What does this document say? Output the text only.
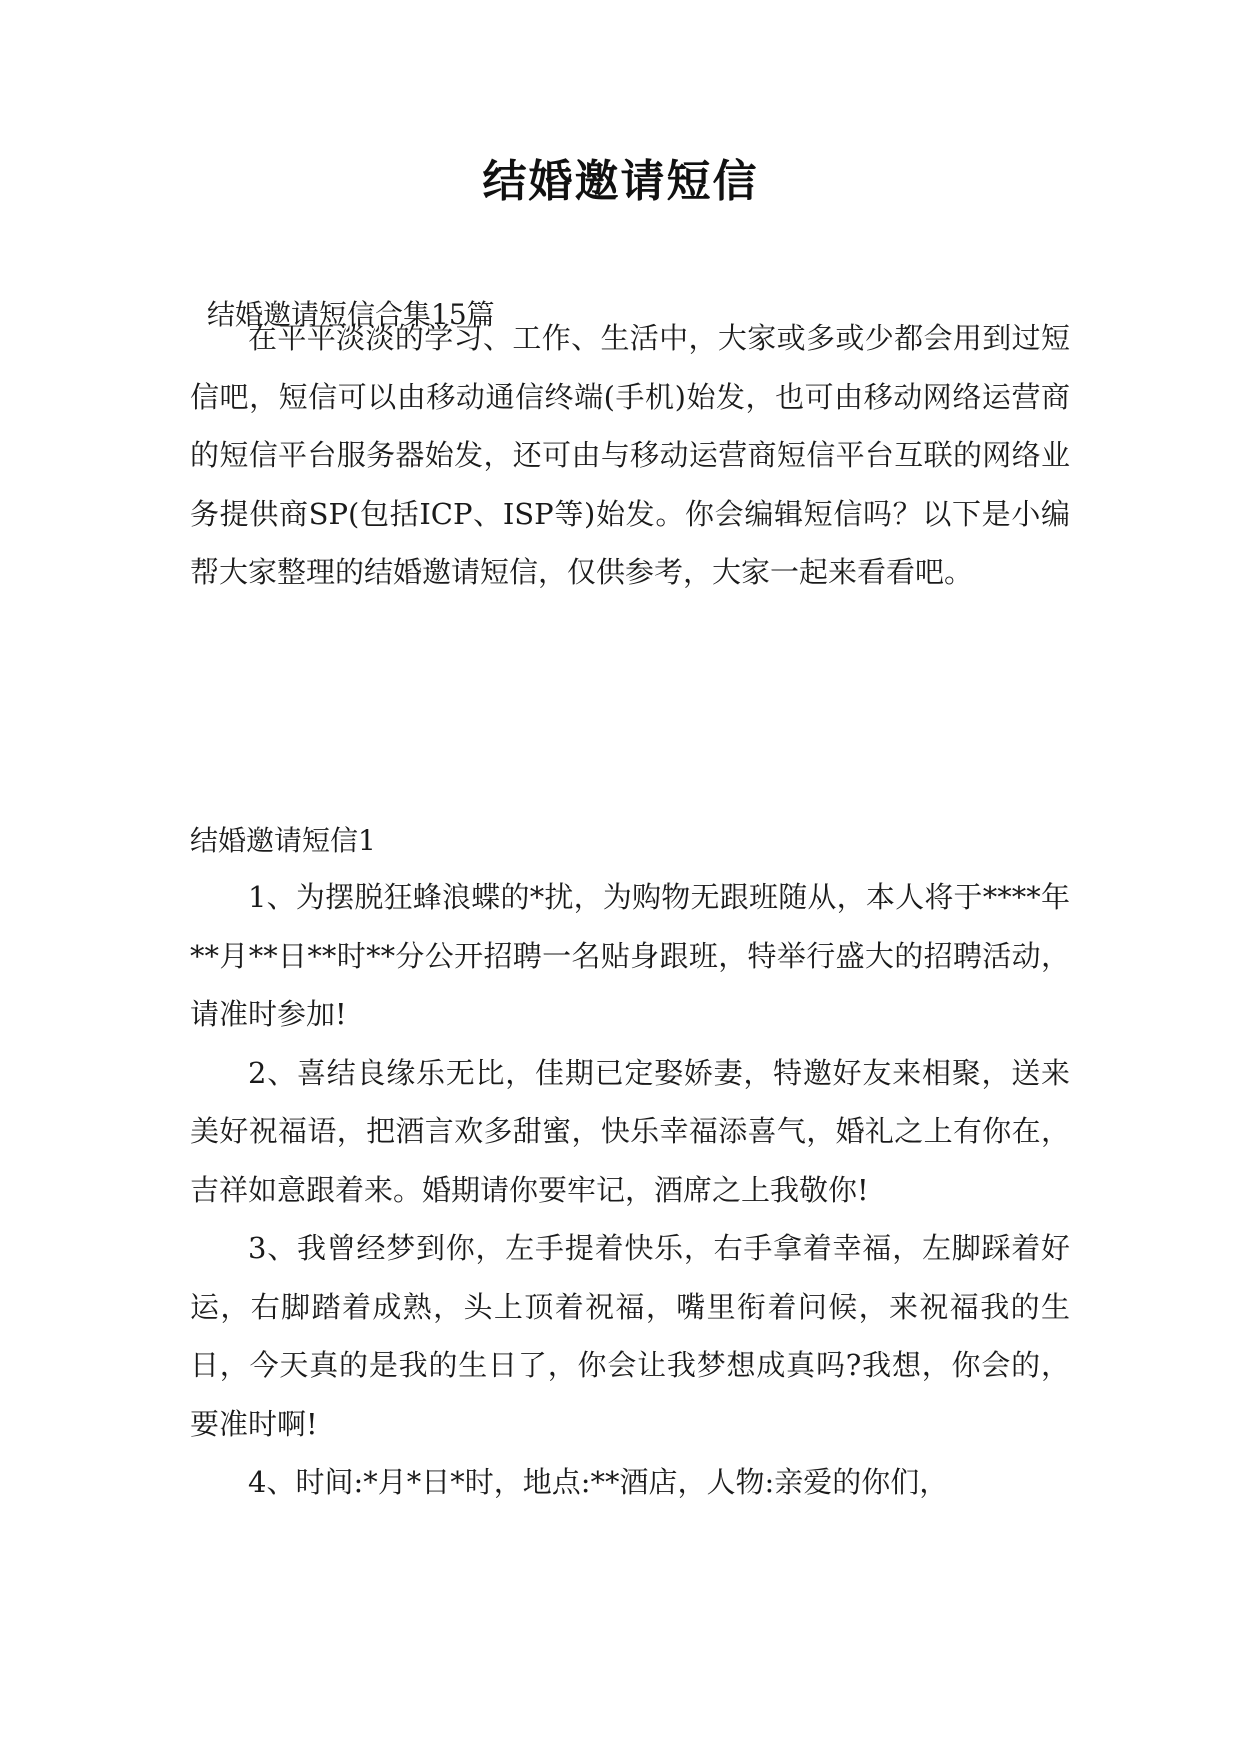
结婚邀请短信

结婚邀请短信合集15篇

在平平淡淡的学习、工作、生活中，大家或多或少都会用到过短信吧，短信可以由移动通信终端(手机)始发，也可由移动网络运营商的短信平台服务器始发，还可由与移动运营商短信平台互联的网络业务提供商SP(包括ICP、ISP等)始发。你会编辑短信吗？以下是小编帮大家整理的结婚邀请短信，仅供参考，大家一起来看看吧。

结婚邀请短信1

1、为摆脱狂蜂浪蝶的*扰，为购物无跟班随从，本人将于****年**月**日**时**分公开招聘一名贴身跟班，特举行盛大的招聘活动，请准时参加!

2、喜结良缘乐无比，佳期已定娶娇妻，特邀好友来相聚，送来美好祝福语，把酒言欢多甜蜜，快乐幸福添喜气，婚礼之上有你在，吉祥如意跟着来。婚期请你要牢记，酒席之上我敬你!

3、我曾经梦到你，左手提着快乐，右手拿着幸福，左脚踩着好运，右脚踏着成熟，头上顶着祝福，嘴里衔着问候，来祝福我的生日，今天真的是我的生日了，你会让我梦想成真吗?我想，你会的，要准时啊!

4、时间:*月*日*时，地点:**酒店，人物:亲爱的你们，
